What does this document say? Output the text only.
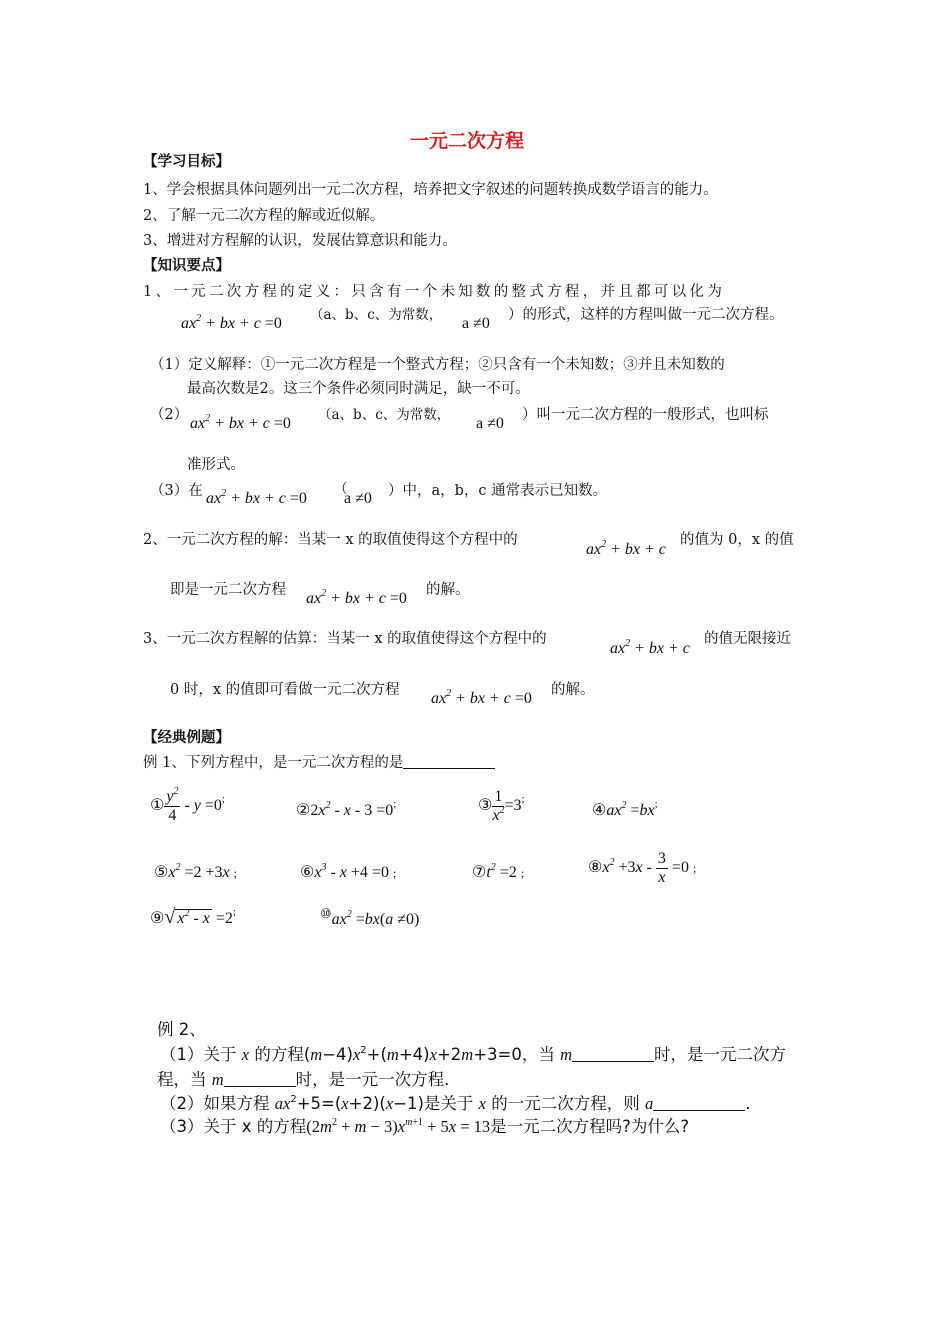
一元二次方程
【学习目标】
1、学会根据具体问题列出一元二次方程，培养把文字叙述的问题转换成数学语言的能力。
2、了解一元二次方程的解或近似解。
3、增进对方程解的认识，发展估算意识和能力。
【知识要点】
1、一元二次方程的定义：只含有一个未知数的整式方程，并且都可以化为
$ax^2$ + bx + c =0 （a、b、c、为常数， a ≠0 ）的形式，这样的方程叫做一元二次方程。
（1）定义解释：①一元二次方程是一个整式方程；②只含有一个未知数；③并且未知数的
最高次数是2。这三个条件必须同时满足，缺一不可。
（2） $ax^2$ + bx + c =0 （a、b、c、为常数， a ≠0 ）叫一元二次方程的一般形式，也叫标
准形式。
（3）在 $ax^2$ + bx + c =0
（
a ≠0 ）中，a，b，c 通常表示已知数。
2、一元二次方程的解：当某一 x 的取值使得这个方程中的
$ax^2$ + bx + c
的值为 0，x 的值
即是一元二次方程 $ax^2$ + bx + c =0 的解。
3、一元二次方程解的估算：当某一 x 的取值使得这个方程中的
$ax^2$ + bx + c
的值无限接近
0 时，x 的值即可看做一元二次方程 $ax^2$ + bx + c =0 的解。
【经典例题】
例 1、下列方程中，是一元二次方程的是
① $\frac{y^2}{4} - y =0^;$
$②2x^2 - x - 3 =0^;$	③ $\frac{1}{x^2} =3^;$
$④ax^2 =bx^;$
$⑤x^2 =2 +3x$ ;	$⑥x^3 - x +4 =0$ ;	$⑦t^2 =2$ ;	$⑧x^2 +3x - \frac{3}{x} =0$ ;
⑨√ $x^2 - x =2^;$	$^⑩ax^2 =bx(a \ne 0)$
例 2、
（1）关于 x 的方程$(m-4)x^2+(m+4)x+2m+3=0$，当 m	时，是一元二次方
程，当 m	时，是一元一次方程.
（2）如果方程 $ax^2+5=(x+2)(x-1)$是关于 x 的一元二次方程，则 a	.
（3）关于 x 的方程$(2m^2 + m - 3)x^{m+1} + 5x = 13$是一元二次方程吗?为什么?
